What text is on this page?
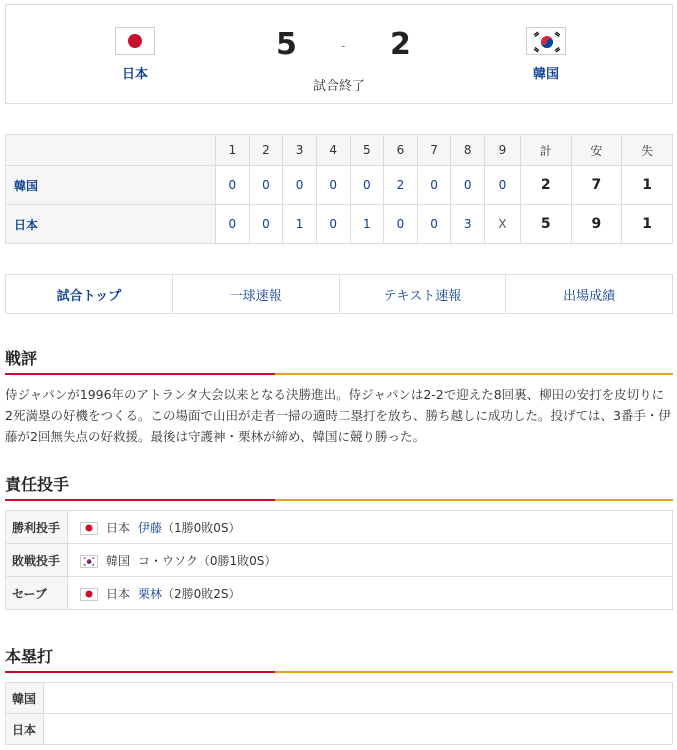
日本
5	- 2
韓国
試合終了
	1	2	3	4	5	6	7	8	9	計	安	失
韓国	0	0	0	0	0	2	0	0	0	2	7	1
日本	0	0	1	0	1	0	0	3	X	5	9	1
試合トップ	一球速報	テキスト速報	出場成績
戦評
侍ジャパンが1996年のアトランタ大会以来となる決勝進出。侍ジャパンは2-2で迎えた8回裏、柳田の安打を皮切りに2死満塁の好機をつくる。この場面で山田が走者一掃の適時二塁打を放ち、勝ち越しに成功した。投げては、3番手・伊藤が2回無失点の好救援。最後は守護神・栗林が締め、韓国に競り勝った。
責任投手
勝利投手	日本 伊藤（1勝0敗0S）
敗戦投手	韓国 コ・ウソク（0勝1敗0S）
セーブ	日本 栗林（2勝0敗2S）
本塁打
韓国	
日本	
